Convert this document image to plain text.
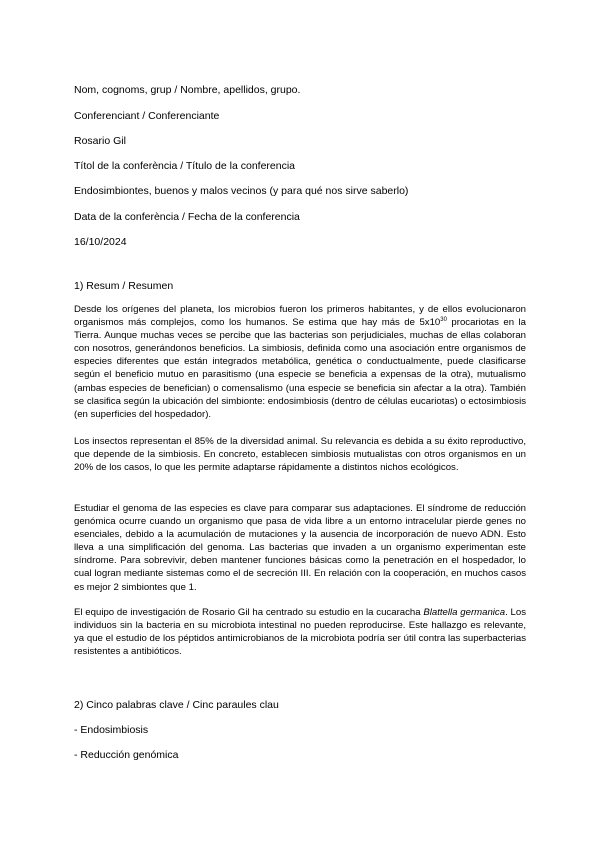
Nom, cognoms, grup / Nombre, apellidos, grupo.
Conferenciant / Conferenciante
Rosario Gil
Títol de la conferència / Título de la conferencia
Endosimbiontes, buenos y malos vecinos (y para qué nos sirve saberlo)
Data de la conferència / Fecha de la conferencia
16/10/2024
1) Resum / Resumen
Desde los orígenes del planeta, los microbios fueron los primeros habitantes, y de ellos evolucionaron organismos más complejos, como los humanos. Se estima que hay más de $5x10^{30}$ procariotas en la Tierra. Aunque muchas veces se percibe que las bacterias son perjudiciales, muchas de ellas colaboran con nosotros, generándonos beneficios. La simbiosis, definida como una asociación entre organismos de especies diferentes que están integrados metabólica, genética o conductualmente, puede clasificarse según el beneficio mutuo en parasitismo (una especie se beneficia a expensas de la otra), mutualismo (ambas especies de benefician) o comensalismo (una especie se beneficia sin afectar a la otra). También se clasifica según la ubicación del simbionte: endosimbiosis (dentro de células eucariotas) o ectosimbiosis (en superficies del hospedador).
Los insectos representan el 85% de la diversidad animal. Su relevancia es debida a su éxito reproductivo, que depende de la simbiosis. En concreto, establecen simbiosis mutualistas con otros organismos en un 20% de los casos, lo que les permite adaptarse rápidamente a distintos nichos ecológicos.
Estudiar el genoma de las especies es clave para comparar sus adaptaciones. El síndrome de reducción genómica ocurre cuando un organismo que pasa de vida libre a un entorno intracelular pierde genes no esenciales, debido a la acumulación de mutaciones y la ausencia de incorporación de nuevo ADN. Esto lleva a una simplificación del genoma. Las bacterias que invaden a un organismo experimentan este síndrome. Para sobrevivir, deben mantener funciones básicas como la penetración en el hospedador, lo cual logran mediante sistemas como el de secreción III. En relación con la cooperación, en muchos casos es mejor 2 simbiontes que 1.
El equipo de investigación de Rosario Gil ha centrado su estudio en la cucaracha Blattella germanica. Los individuos sin la bacteria en su microbiota intestinal no pueden reproducirse. Este hallazgo es relevante, ya que el estudio de los péptidos antimicrobianos de la microbiota podría ser útil contra las superbacterias resistentes a antibióticos.
2) Cinco palabras clave / Cinc paraules clau
- Endosimbiosis
- Reducción genómica
